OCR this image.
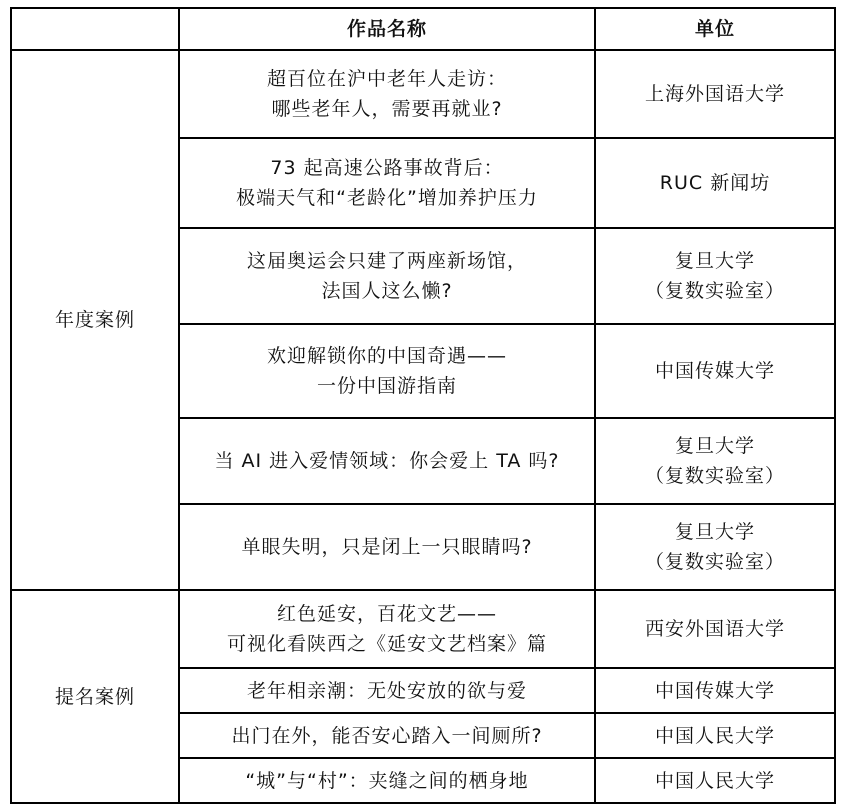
	作品名称	单位
年度案例	超百位在沪中老年人走访：
哪些老年人，需要再就业?	上海外国语大学

	73 起高速公路事故背后：
极端天气和“老龄化”增加养护压力	RUC 新闻坊

	这届奥运会只建了两座新场馆，
法国人这么懒?	复旦大学
（复数实验室）

	欢迎解锁你的中国奇遇——
一份中国游指南	中国传媒大学

	当 AI 进入爱情领域：你会爱上 TA 吗?	复旦大学
（复数实验室）

	单眼失明，只是闭上一只眼睛吗?	复旦大学
（复数实验室）

提名案例	红色延安，百花文艺——
可视化看陕西之《延安文艺档案》篇	西安外国语大学

	老年相亲潮：无处安放的欲与爱	中国传媒大学

	出门在外，能否安心踏入一间厕所?	中国人民大学

	“城”与“村”：夹缝之间的栖身地	中国人民大学
